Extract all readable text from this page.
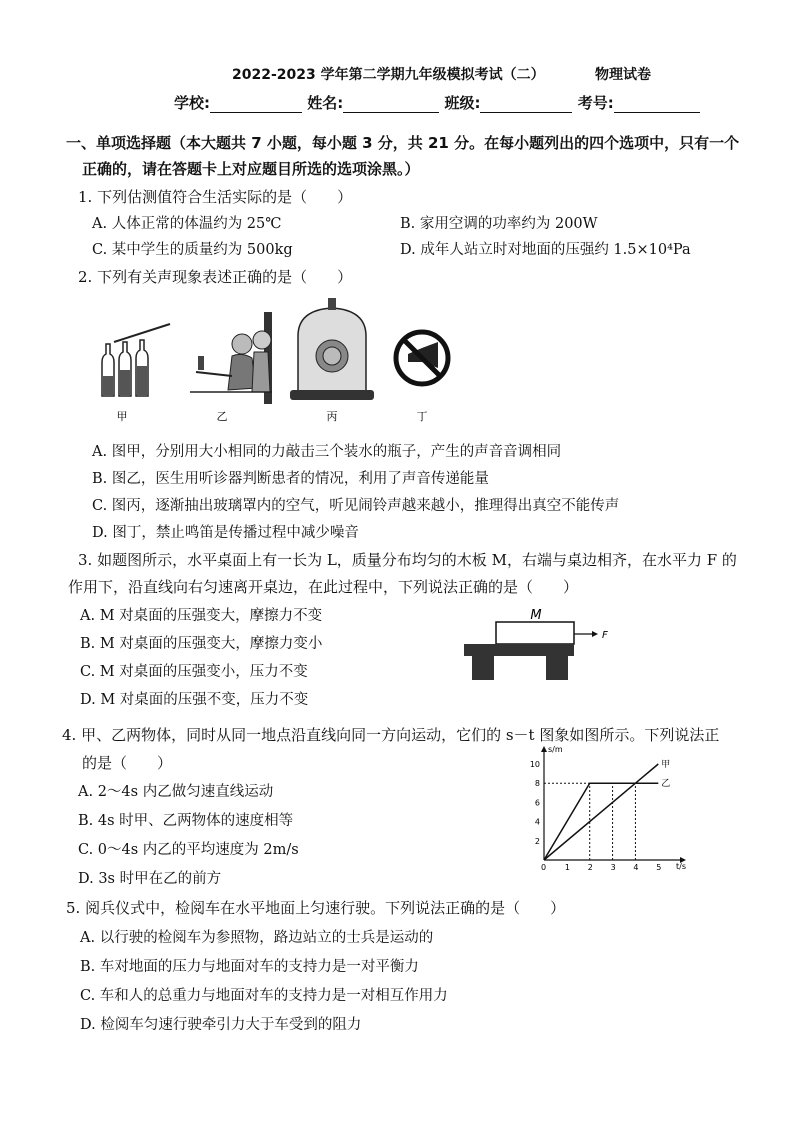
2022-2023 学年第二学期九年级模拟考试（二）	物理试卷
学校:	姓名:	班级:	考号:
一、单项选择题（本大题共 7 小题，每小题 3 分，共 21 分。在每小题列出的四个选项中，只有一个
正确的，请在答题卡上对应题目所选的选项涂黑。）
1. 下列估测值符合生活实际的是（　　）
A. 人体正常的体温约为 25℃	B. 家用空调的功率约为 200W
C. 某中学生的质量约为 500kg	D. 成年人站立时对地面的压强约 1.5×10⁴Pa
2. 下列有关声现象表述正确的是（　　）
甲	乙	丙	丁
A. 图甲，分别用大小相同的力敲击三个装水的瓶子，产生的声音音调相同
B. 图乙，医生用听诊器判断患者的情况，利用了声音传递能量
C. 图丙，逐渐抽出玻璃罩内的空气，听见闹铃声越来越小，推理得出真空不能传声
D. 图丁，禁止鸣笛是传播过程中减少噪音
3. 如题图所示，水平桌面上有一长为 L，质量分布均匀的木板 M，右端与桌边相齐，在水平力 F 的
作用下，沿直线向右匀速离开桌边，在此过程中，下列说法正确的是（　　）
A. M 对桌面的压强变大，摩擦力不变
B. M 对桌面的压强变大，摩擦力变小
C. M 对桌面的压强变小，压力不变
D. M 对桌面的压强不变，压力不变
M
F
4. 甲、乙两物体，同时从同一地点沿直线向同一方向运动，它们的 s－t 图象如图所示。下列说法正
的是（　　）
A. 2～4s 内乙做匀速直线运动
B. 4s 时甲、乙两物体的速度相等
C. 0～4s 内乙的平均速度为 2m/s
D. 3s 时甲在乙的前方
s/m
t/s
0 1 2 3 4 5
2
4
6
8
10	甲
乙
5. 阅兵仪式中，检阅车在水平地面上匀速行驶。下列说法正确的是（　　）
A. 以行驶的检阅车为参照物，路边站立的士兵是运动的
B. 车对地面的压力与地面对车的支持力是一对平衡力
C. 车和人的总重力与地面对车的支持力是一对相互作用力
D. 检阅车匀速行驶牵引力大于车受到的阻力
